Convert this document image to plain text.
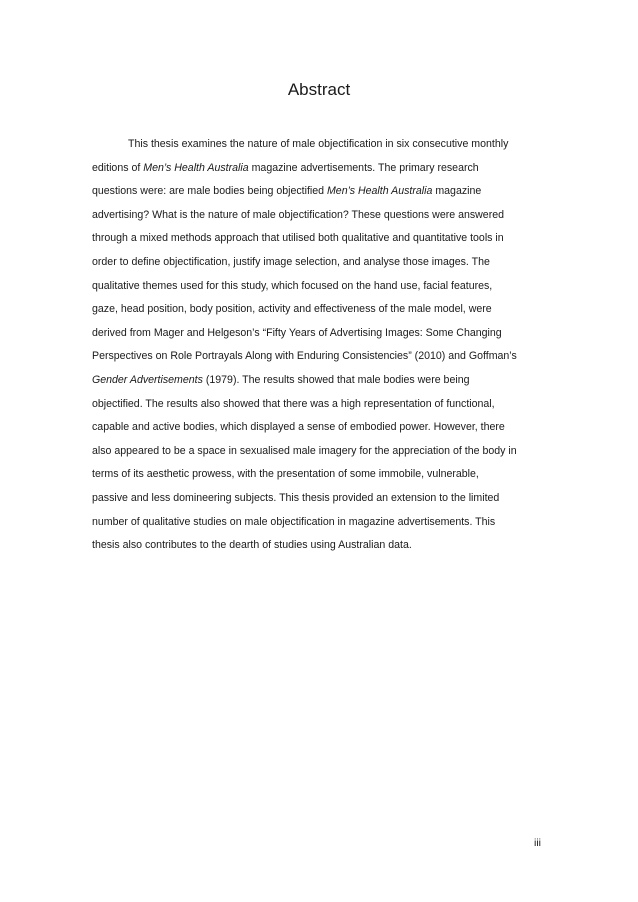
Abstract

This thesis examines the nature of male objectification in six consecutive monthly
editions of Men’s Health Australia magazine advertisements. The primary research
questions were: are male bodies being objectified Men’s Health Australia magazine
advertising? What is the nature of male objectification? These questions were answered
through a mixed methods approach that utilised both qualitative and quantitative tools in
order to define objectification, justify image selection, and analyse those images. The
qualitative themes used for this study, which focused on the hand use, facial features,
gaze, head position, body position, activity and effectiveness of the male model, were
derived from Mager and Helgeson’s “Fifty Years of Advertising Images: Some Changing
Perspectives on Role Portrayals Along with Enduring Consistencies” (2010) and Goffman’s
Gender Advertisements (1979). The results showed that male bodies were being
objectified. The results also showed that there was a high representation of functional,
capable and active bodies, which displayed a sense of embodied power. However, there
also appeared to be a space in sexualised male imagery for the appreciation of the body in
terms of its aesthetic prowess, with the presentation of some immobile, vulnerable,
passive and less domineering subjects. This thesis provided an extension to the limited
number of qualitative studies on male objectification in magazine advertisements. This
thesis also contributes to the dearth of studies using Australian data.

iii
